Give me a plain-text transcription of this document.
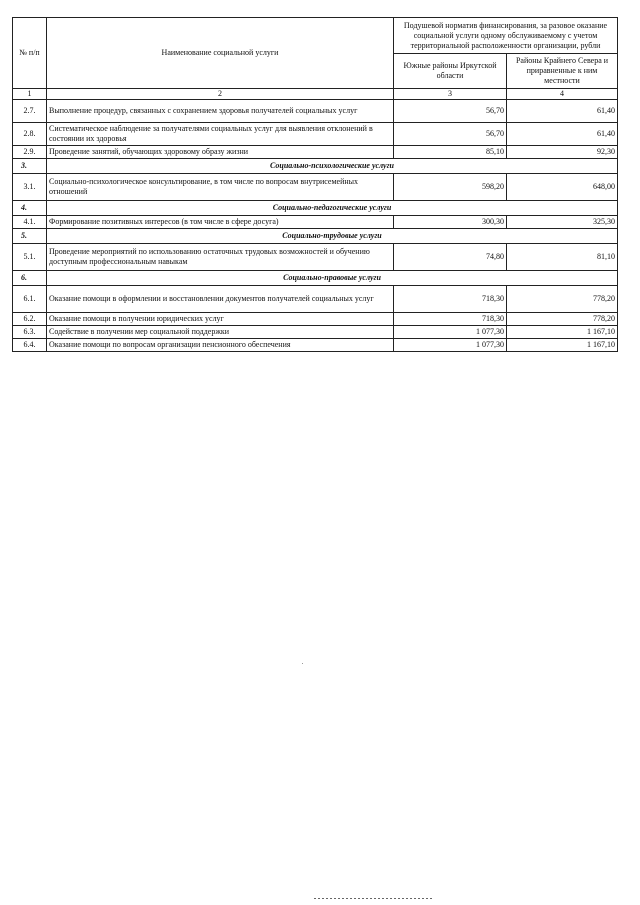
№ п/п	Наименование социальной услуги	Подушевой норматив финансирования, за разовое оказание социальной услуги одному обслуживаемому с учетом территориальной расположенности организации, рубли	
		Южные районы Иркутской области	Районы Крайнего Севера и приравненные к ним местности
1	2	3	4
2.7.	Выполнение процедур, связанных с сохранением здоровья получателей социальных услуг	56,70	61,40
2.8.	Систематическое наблюдение за получателями социальных услуг для выявления отклонений в состоянии их здоровья	56,70	61,40
2.9.	Проведение занятий, обучающих здоровому образу жизни	85,10	92,30
3.	Социально-психологические услуги		
3.1.	Социально-психологическое консультирование, в том числе по вопросам внутрисемейных отношений	598,20	648,00
4.	Социально-педагогические услуги		
4.1.	Формирование позитивных интересов (в том числе в сфере досуга)	300,30	325,30
5.	Социально-трудовые услуги		
5.1.	Проведение мероприятий по использованию остаточных трудовых возможностей и обучению доступным профессиональным навыкам	74,80	81,10
6.	Социально-правовые услуги		
6.1.	Оказание помощи в оформлении и восстановлении документов получателей социальных услуг	718,30	778,20
6.2.	Оказание помощи в получении юридических услуг	718,30	778,20
6.3.	Содействие в получении мер социальной поддержки	1 077,30	1 167,10
6.4.	Оказание помощи по вопросам организации пенсионного обеспечения	1 077,30	1 167,10
